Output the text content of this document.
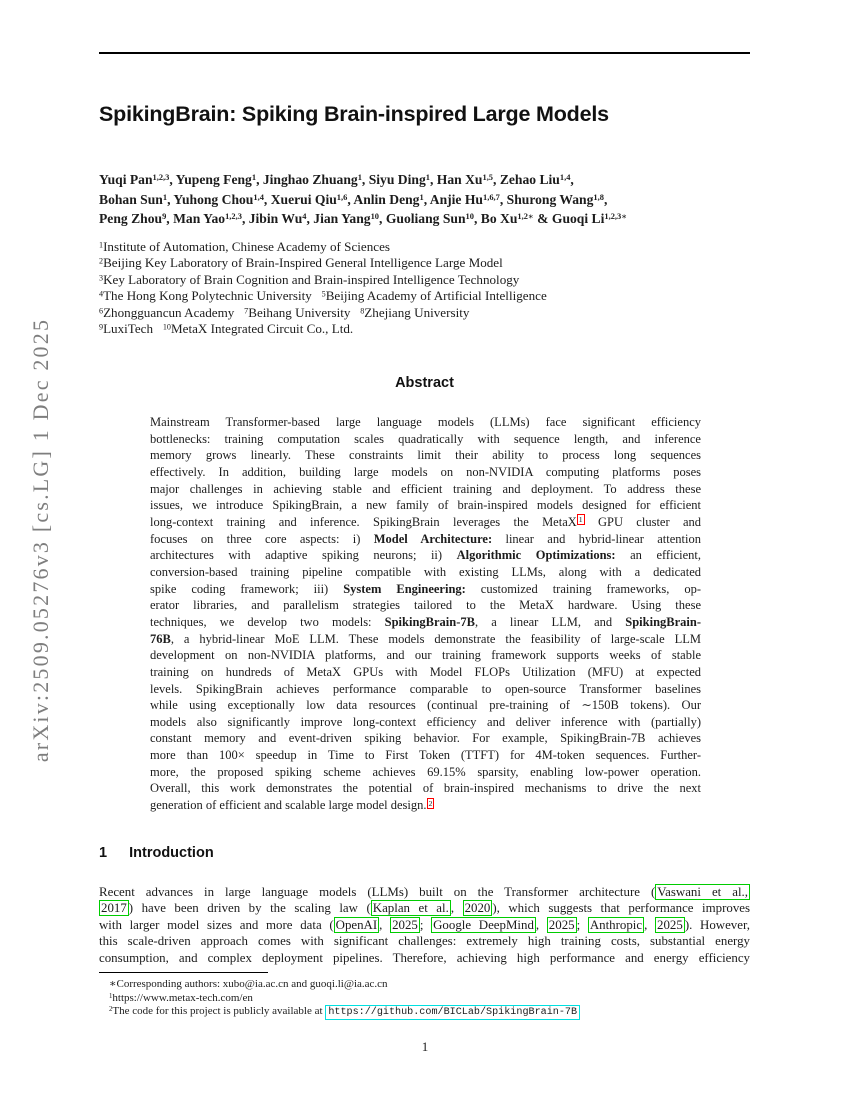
arXiv:2509.05276v3 [cs.LG] 1 Dec 2025
SpikingBrain: Spiking Brain-inspired Large Models
Yuqi Pan$^{1,2,3}$, Yupeng Feng$^1$, Jinghao Zhuang$^1$, Siyu Ding$^1$, Han Xu$^{1,5}$, Zehao Liu$^{1,4}$,
Bohan Sun$^1$, Yuhong Chou$^{1,4}$, Xuerui Qiu$^{1,6}$, Anlin Deng$^1$, Anjie Hu$^{1,6,7}$, Shurong Wang$^{1,8}$,
Peng Zhou$^9$, Man Yao$^{1,2,3}$, Jibin Wu$^4$, Jian Yang$^{10}$, Guoliang Sun$^{10}$, Bo $Xu^{1,2∗}$ & Guoqi $Li^{1,2,3∗}$
$^1$Institute of Automation, Chinese Academy of Sciences
$^2$Beijing Key Laboratory of Brain-Inspired General Intelligence Large Model
$^3$Key Laboratory of Brain Cognition and Brain-inspired Intelligence Technology
$^4$The Hong Kong Polytechnic University   $^5$Beijing Academy of Artificial Intelligence
$^6$Zhongguancun Academy   $^7$Beihang University   $^8$Zhejiang University
$^9$LuxiTech   $^{10}$MetaX Integrated Circuit Co., Ltd.
Abstract
Mainstream Transformer-based large language models (LLMs) face significant efficiency
bottlenecks: training computation scales quadratically with sequence length, and inference
memory grows linearly. These constraints limit their ability to process long sequences
effectively. In addition, building large models on non-NVIDIA computing platforms poses
major challenges in achieving stable and efficient training and deployment. To address these
issues, we introduce SpikingBrain, a new family of brain-inspired models designed for efficient
long-context training and inference. SpikingBrain leverages the MetaX $^1$ GPU cluster and
focuses on three core aspects: i) Model Architecture: linear and hybrid-linear attention
architectures with adaptive spiking neurons; ii) Algorithmic Optimizations: an efficient,
conversion-based training pipeline compatible with existing LLMs, along with a dedicated
spike coding framework; iii) System Engineering: customized training frameworks, op-
erator libraries, and parallelism strategies tailored to the MetaX hardware. Using these
techniques, we develop two models: SpikingBrain-7B, a linear LLM, and SpikingBrain-
76B, a hybrid-linear MoE LLM. These models demonstrate the feasibility of large-scale LLM
development on non-NVIDIA platforms, and our training framework supports weeks of stable
training on hundreds of MetaX GPUs with Model FLOPs Utilization (MFU) at expected
levels. SpikingBrain achieves performance comparable to open-source Transformer baselines
while using exceptionally low data resources (continual pre-training of ∼150B tokens). Our
models also significantly improve long-context efficiency and deliver inference with (partially)
constant memory and event-driven spiking behavior. For example, SpikingBrain-7B achieves
more than 100× speedup in Time to First Token (TTFT) for 4M-token sequences. Further-
more, the proposed spiking scheme achieves 69.15% sparsity, enabling low-power operation.
Overall, this work demonstrates the potential of brain-inspired mechanisms to drive the next
generation of efficient and scalable large model design. $^2$
1 Introduction
Recent advances in large language models (LLMs) built on the Transformer architecture ( Vaswani et al.,
2017 ) have been driven by the scaling law ( Kaplan et al. , 2020 ), which suggests that performance improves
with larger model sizes and more data ( OpenAI , 2025 ; Google DeepMind , 2025 ; Anthropic , 2025 ). However,
this scale-driven approach comes with significant challenges: extremely high training costs, substantial energy
consumption, and complex deployment pipelines. Therefore, achieving high performance and energy efficiency
∗Corresponding authors: xubo@ia.ac.cn and guoqi.li@ia.ac.cn
$^1$https://www.metax-tech.com/en
$^2$The code for this project is publicly available at https://github.com/BICLab/SpikingBrain-7B
1
